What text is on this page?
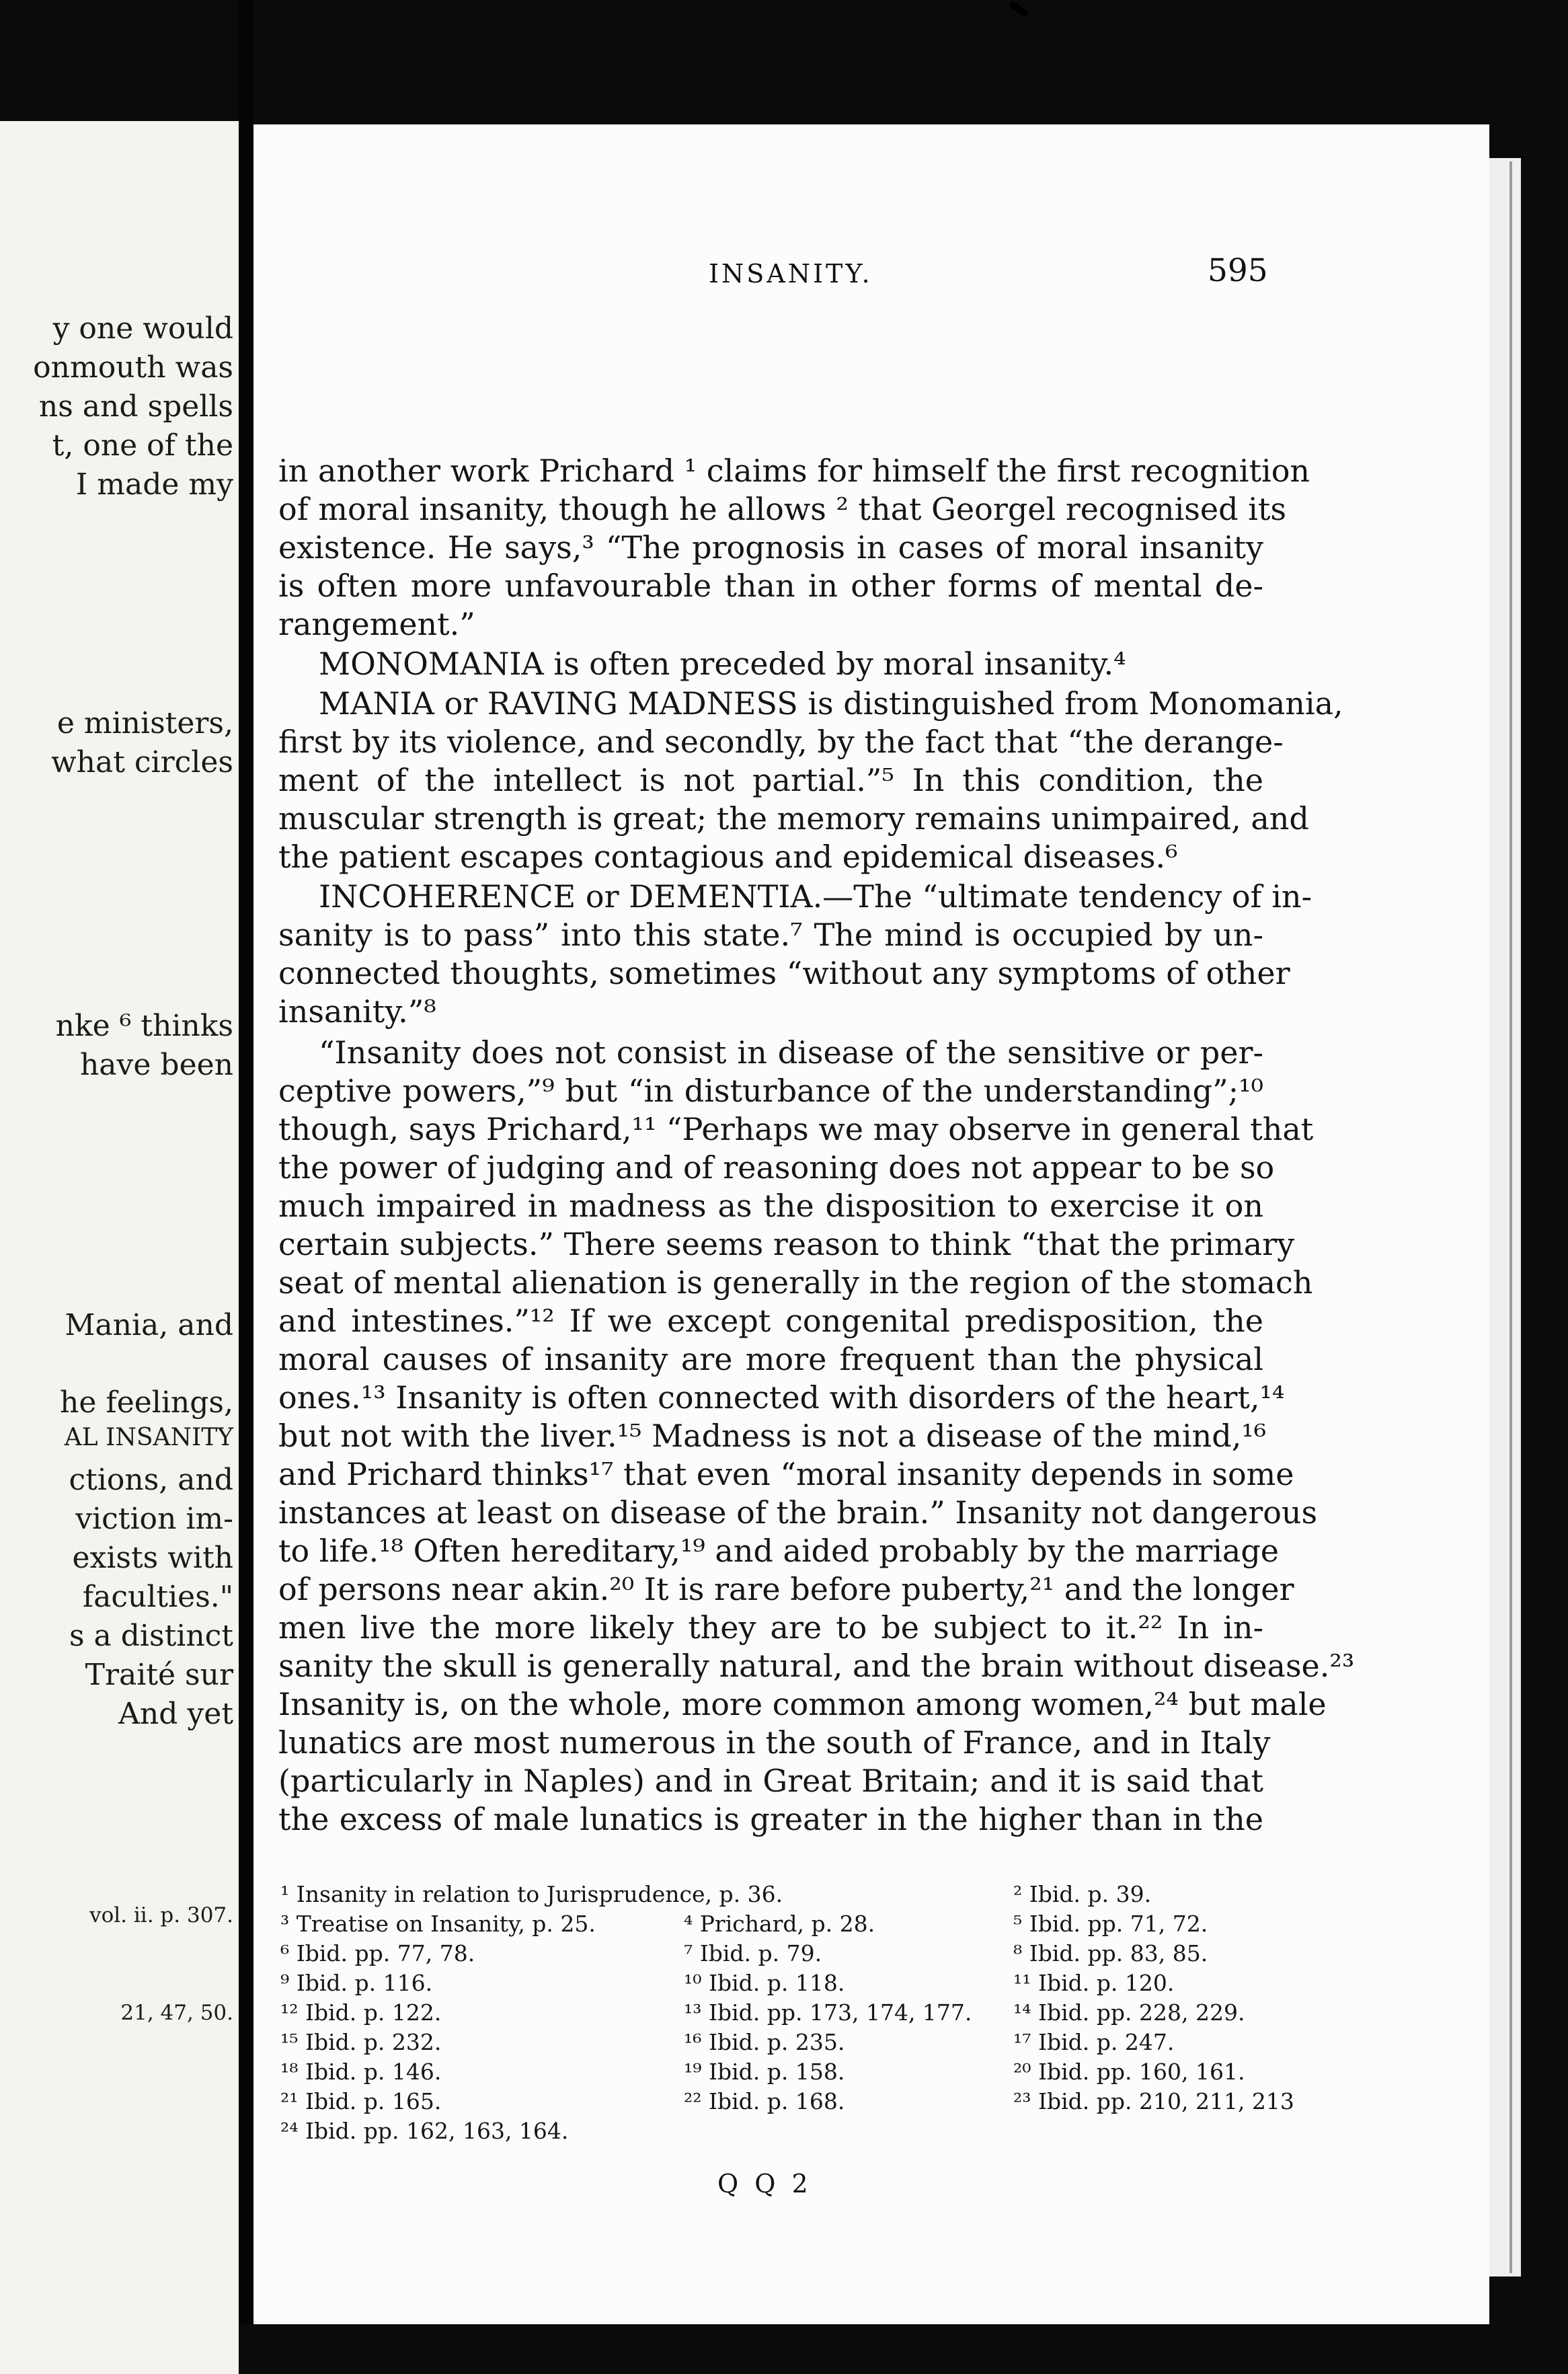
y one would
onmouth was
ns and spells
t, one of the
I made my
e ministers,
what circles
nke ⁶ thinks
have been
Mania, and
he feelings,
AL INSANITY
ctions, and
viction im-
exists with
faculties."
s a distinct
Traité sur
And yet
vol. ii. p. 307.
21, 47, 50.
INSANITY.	595
in another work Prichard ¹ claims for himself the first recognition
of moral insanity, though he allows ² that Georgel recognised its
existence. He says,³ “The prognosis in cases of moral insanity
is often more unfavourable than in other forms of mental de-
rangement.”
MONOMANIA is often preceded by moral insanity.⁴
MANIA or RAVING MADNESS is distinguished from Monomania,
first by its violence, and secondly, by the fact that “the derange-
ment of the intellect is not partial.”⁵ In this condition, the
muscular strength is great; the memory remains unimpaired, and
the patient escapes contagious and epidemical diseases.⁶
INCOHERENCE or DEMENTIA.—The “ultimate tendency of in-
sanity is to pass” into this state.⁷ The mind is occupied by un-
connected thoughts, sometimes “without any symptoms of other
insanity.”⁸
“Insanity does not consist in disease of the sensitive or per-
ceptive powers,”⁹ but “in disturbance of the understanding”;¹⁰
though, says Prichard,¹¹ “Perhaps we may observe in general that
the power of judging and of reasoning does not appear to be so
much impaired in madness as the disposition to exercise it on
certain subjects.” There seems reason to think “that the primary
seat of mental alienation is generally in the region of the stomach
and intestines.”¹² If we except congenital predisposition, the
moral causes of insanity are more frequent than the physical
ones.¹³ Insanity is often connected with disorders of the heart,¹⁴
but not with the liver.¹⁵ Madness is not a disease of the mind,¹⁶
and Prichard thinks¹⁷ that even “moral insanity depends in some
instances at least on disease of the brain.” Insanity not dangerous
to life.¹⁸ Often hereditary,¹⁹ and aided probably by the marriage
of persons near akin.²⁰ It is rare before puberty,²¹ and the longer
men live the more likely they are to be subject to it.²² In in-
sanity the skull is generally natural, and the brain without disease.²³
Insanity is, on the whole, more common among women,²⁴ but male
lunatics are most numerous in the south of France, and in Italy
(particularly in Naples) and in Great Britain; and it is said that
the excess of male lunatics is greater in the higher than in the
¹ Insanity in relation to Jurisprudence, p. 36.	² Ibid. p. 39.
³ Treatise on Insanity, p. 25.	⁴ Prichard, p. 28.	⁵ Ibid. pp. 71, 72.
⁶ Ibid. pp. 77, 78.	⁷ Ibid. p. 79.	⁸ Ibid. pp. 83, 85.
⁹ Ibid. p. 116.	¹⁰ Ibid. p. 118.	¹¹ Ibid. p. 120.
¹² Ibid. p. 122.	¹³ Ibid. pp. 173, 174, 177. ¹⁴ Ibid. pp. 228, 229.
¹⁵ Ibid. p. 232.	¹⁶ Ibid. p. 235.	¹⁷ Ibid. p. 247.
¹⁸ Ibid. p. 146.	¹⁹ Ibid. p. 158.	²⁰ Ibid. pp. 160, 161.
²¹ Ibid. p. 165.	²² Ibid. p. 168.	²³ Ibid. pp. 210, 211, 213
²⁴ Ibid. pp. 162, 163, 164.
Q Q 2
